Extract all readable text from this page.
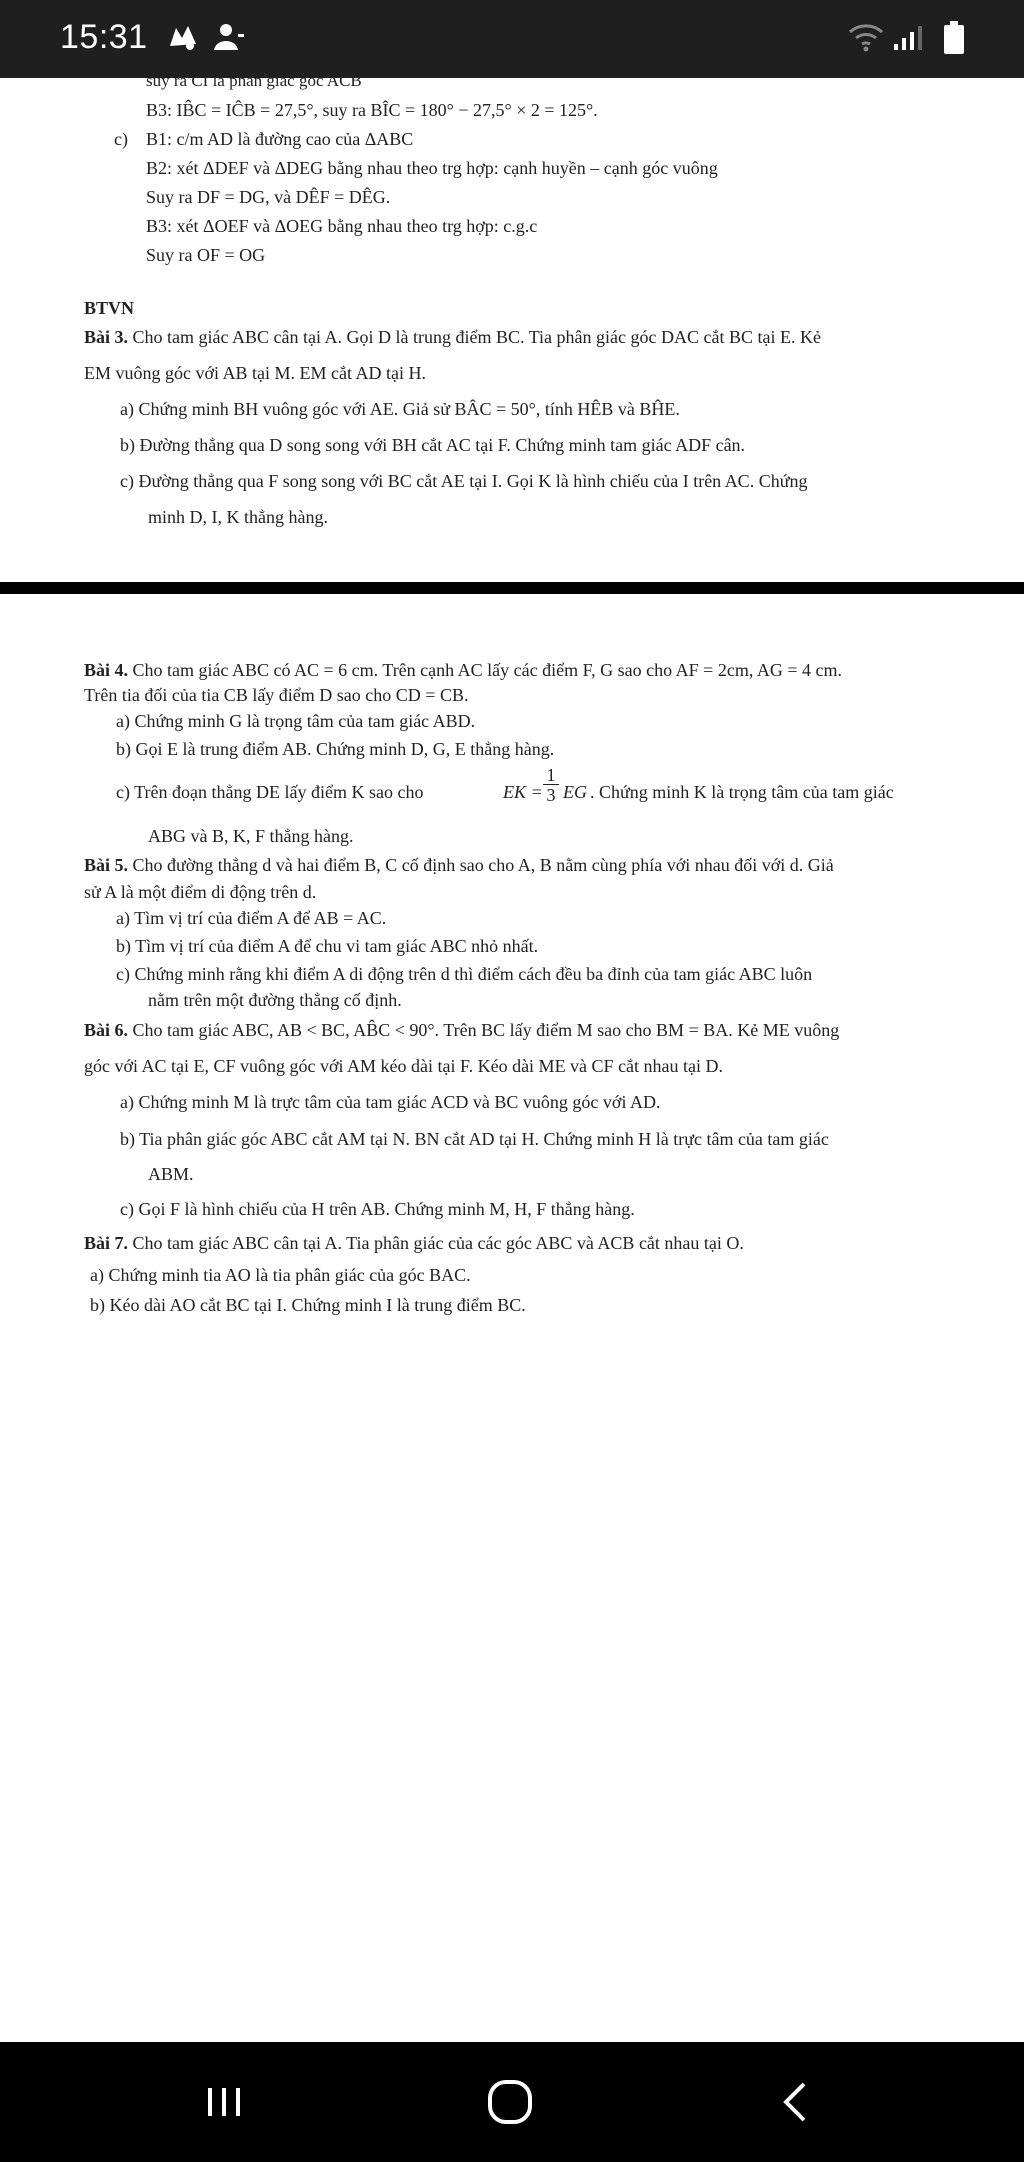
15:31
suy ra CI là phân giác góc ACB
B3: IB̂C = IĈB = 27,5°, suy ra BÎC = 180° − 27,5° × 2 = 125°.
c) B1: c/m AD là đường cao của ΔABC
B2: xét ΔDEF và ΔDEG bằng nhau theo trg hợp: cạnh huyền – cạnh góc vuông
Suy ra DF = DG, và DÊF = DÊG.
B3: xét ΔOEF và ΔOEG bằng nhau theo trg hợp: c.g.c
Suy ra OF = OG
BTVN
Bài 3. Cho tam giác ABC cân tại A. Gọi D là trung điểm BC. Tia phân giác góc DAC cắt BC tại E. Kẻ
EM vuông góc với AB tại M. EM cắt AD tại H.
a) Chứng minh BH vuông góc với AE. Giả sử BÂC = 50°, tính HÊB và BĤE.
b) Đường thẳng qua D song song với BH cắt AC tại F. Chứng minh tam giác ADF cân.
c) Đường thẳng qua F song song với BC cắt AE tại I. Gọi K là hình chiếu của I trên AC. Chứng
minh D, I, K thẳng hàng.
Bài 4. Cho tam giác ABC có AC = 6 cm. Trên cạnh AC lấy các điểm F, G sao cho AF = 2cm, AG = 4 cm.
Trên tia đối của tia CB lấy điểm D sao cho CD = CB.
a) Chứng minh G là trọng tâm của tam giác ABD.
b) Gọi E là trung điểm AB. Chứng minh D, G, E thẳng hàng.
c) Trên đoạn thẳng DE lấy điểm K sao cho	EK =
1
3 EG . Chứng minh K là trọng tâm của tam giác
ABG và B, K, F thẳng hàng.
Bài 5. Cho đường thẳng d và hai điểm B, C cố định sao cho A, B nằm cùng phía với nhau đối với d. Giả
sử A là một điểm di động trên d.
a) Tìm vị trí của điểm A để AB = AC.
b) Tìm vị trí của điểm A để chu vi tam giác ABC nhỏ nhất.
c) Chứng minh rằng khi điểm A di động trên d thì điểm cách đều ba đỉnh của tam giác ABC luôn
nằm trên một đường thẳng cố định.
Bài 6. Cho tam giác ABC, AB < BC, AB̂C < 90°. Trên BC lấy điểm M sao cho BM = BA. Kẻ ME vuông
góc với AC tại E, CF vuông góc với AM kéo dài tại F. Kéo dài ME và CF cắt nhau tại D.
a) Chứng minh M là trực tâm của tam giác ACD và BC vuông góc với AD.
b) Tia phân giác góc ABC cắt AM tại N. BN cắt AD tại H. Chứng minh H là trực tâm của tam giác
ABM.
c) Gọi F là hình chiếu của H trên AB. Chứng minh M, H, F thẳng hàng.
Bài 7. Cho tam giác ABC cân tại A. Tia phân giác của các góc ABC và ACB cắt nhau tại O.
a) Chứng minh tia AO là tia phân giác của góc BAC.
b) Kéo dài AO cắt BC tại I. Chứng minh I là trung điểm BC.
